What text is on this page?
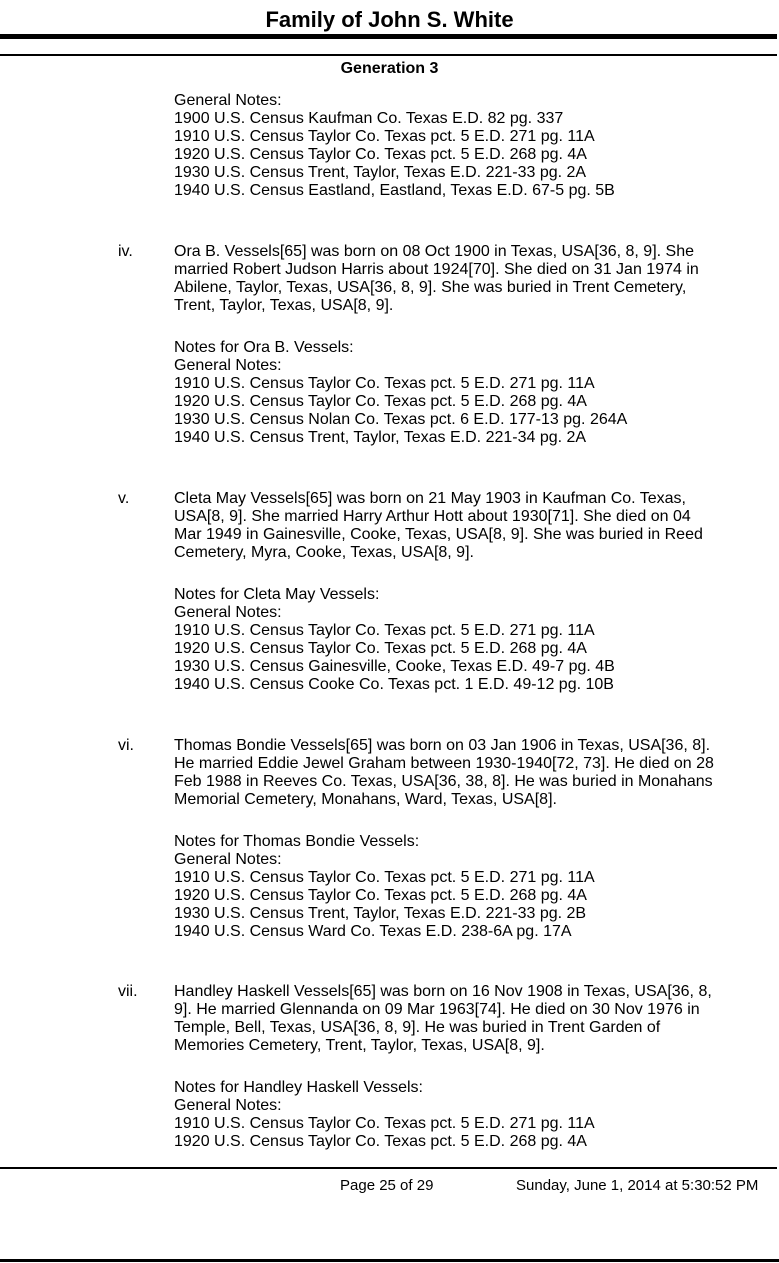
Family of John S. White
Generation 3
General Notes:
1900 U.S. Census Kaufman Co. Texas E.D. 82 pg. 337
1910 U.S. Census Taylor Co. Texas pct. 5 E.D. 271 pg. 11A
1920 U.S. Census Taylor Co. Texas pct. 5 E.D. 268 pg. 4A
1930 U.S. Census Trent, Taylor, Texas E.D. 221-33 pg. 2A
1940 U.S. Census Eastland, Eastland, Texas E.D. 67-5 pg. 5B
iv.	Ora B. Vessels[65] was born on 08 Oct 1900 in Texas, USA[36, 8, 9]. She
married Robert Judson Harris about 1924[70]. She died on 31 Jan 1974 in
Abilene, Taylor, Texas, USA[36, 8, 9]. She was buried in Trent Cemetery,
Trent, Taylor, Texas, USA[8, 9].
Notes for Ora B. Vessels:
General Notes:
1910 U.S. Census Taylor Co. Texas pct. 5 E.D. 271 pg. 11A
1920 U.S. Census Taylor Co. Texas pct. 5 E.D. 268 pg. 4A
1930 U.S. Census Nolan Co. Texas pct. 6 E.D. 177-13 pg. 264A
1940 U.S. Census Trent, Taylor, Texas E.D. 221-34 pg. 2A
v.	Cleta May Vessels[65] was born on 21 May 1903 in Kaufman Co. Texas,
USA[8, 9]. She married Harry Arthur Hott about 1930[71]. She died on 04
Mar 1949 in Gainesville, Cooke, Texas, USA[8, 9]. She was buried in Reed
Cemetery, Myra, Cooke, Texas, USA[8, 9].
Notes for Cleta May Vessels:
General Notes:
1910 U.S. Census Taylor Co. Texas pct. 5 E.D. 271 pg. 11A
1920 U.S. Census Taylor Co. Texas pct. 5 E.D. 268 pg. 4A
1930 U.S. Census Gainesville, Cooke, Texas E.D. 49-7 pg. 4B
1940 U.S. Census Cooke Co. Texas pct. 1 E.D. 49-12 pg. 10B
vi.	Thomas Bondie Vessels[65] was born on 03 Jan 1906 in Texas, USA[36, 8].
He married Eddie Jewel Graham between 1930-1940[72, 73]. He died on 28
Feb 1988 in Reeves Co. Texas, USA[36, 38, 8]. He was buried in Monahans
Memorial Cemetery, Monahans, Ward, Texas, USA[8].
Notes for Thomas Bondie Vessels:
General Notes:
1910 U.S. Census Taylor Co. Texas pct. 5 E.D. 271 pg. 11A
1920 U.S. Census Taylor Co. Texas pct. 5 E.D. 268 pg. 4A
1930 U.S. Census Trent, Taylor, Texas E.D. 221-33 pg. 2B
1940 U.S. Census Ward Co. Texas E.D. 238-6A pg. 17A
vii. Handley Haskell Vessels[65] was born on 16 Nov 1908 in Texas, USA[36, 8,
9]. He married Glennanda on 09 Mar 1963[74]. He died on 30 Nov 1976 in
Temple, Bell, Texas, USA[36, 8, 9]. He was buried in Trent Garden of
Memories Cemetery, Trent, Taylor, Texas, USA[8, 9].
Notes for Handley Haskell Vessels:
General Notes:
1910 U.S. Census Taylor Co. Texas pct. 5 E.D. 271 pg. 11A
1920 U.S. Census Taylor Co. Texas pct. 5 E.D. 268 pg. 4A
Page 25 of 29	Sunday, June 1, 2014 at 5:30:52 PM
